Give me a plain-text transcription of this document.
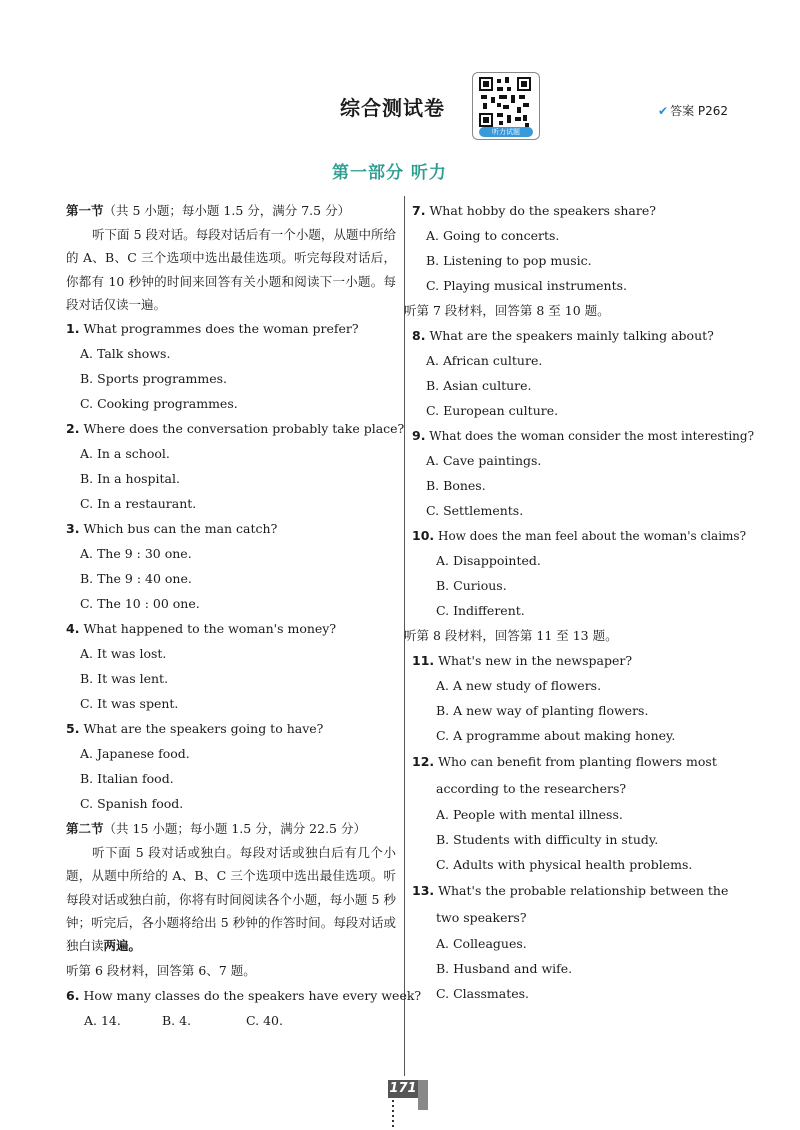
综合测试卷
听力试题
✔ 答案 P262
第一部分 听力
第一节（共 5 小题；每小题 1.5 分，满分 7.5 分）
听下面 5 段对话。每段对话后有一个小题，从题中所给的 A、B、C 三个选项中选出最佳选项。听完每段对话后，你都有 10 秒钟的时间来回答有关小题和阅读下一小题。每段对话仅读一遍。
1. What programmes does the woman prefer?
A. Talk shows.
B. Sports programmes.
C. Cooking programmes.
2. Where does the conversation probably take place?
A. In a school.
B. In a hospital.
C. In a restaurant.
3. Which bus can the man catch?
A. The 9 : 30 one.
B. The 9 : 40 one.
C. The 10 : 00 one.
4. What happened to the woman's money?
A. It was lost.
B. It was lent.
C. It was spent.
5. What are the speakers going to have?
A. Japanese food.
B. Italian food.
C. Spanish food.
第二节（共 15 小题；每小题 1.5 分，满分 22.5 分）
听下面 5 段对话或独白。每段对话或独白后有几个小题，从题中所给的 A、B、C 三个选项中选出最佳选项。听每段对话或独白前，你将有时间阅读各个小题，每小题 5 秒钟；听完后，各小题将给出 5 秒钟的作答时间。每段对话或独白读两遍。
听第 6 段材料，回答第 6、7 题。
6. How many classes do the speakers have every week?
A. 14.	B. 4.	C. 40.
7. What hobby do the speakers share?
A. Going to concerts.
B. Listening to pop music.
C. Playing musical instruments.
听第 7 段材料，回答第 8 至 10 题。
8. What are the speakers mainly talking about?
A. African culture.
B. Asian culture.
C. European culture.
9. What does the woman consider the most interesting?
A. Cave paintings.
B. Bones.
C. Settlements.
10. How does the man feel about the woman's claims?
A. Disappointed.
B. Curious.
C. Indifferent.
听第 8 段材料，回答第 11 至 13 题。
11. What's new in the newspaper?
A. A new study of flowers.
B. A new way of planting flowers.
C. A programme about making honey.
12. Who can benefit from planting flowers most according to the researchers?
A. People with mental illness.
B. Students with difficulty in study.
C. Adults with physical health problems.
13. What's the probable relationship between the two speakers?
A. Colleagues.
B. Husband and wife.
C. Classmates.
171
